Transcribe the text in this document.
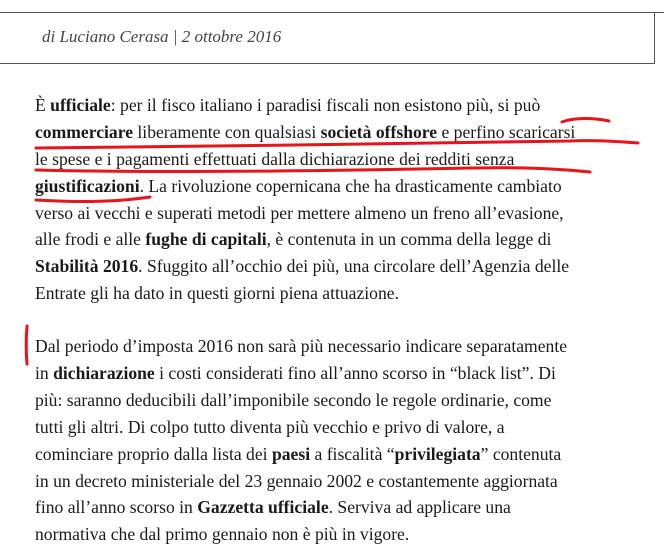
di Luciano Cerasa | 2 ottobre 2016
È ufficiale: per il fisco italiano i paradisi fiscali non esistono più, si può
commerciare liberamente con qualsiasi società offshore e perfino scaricarsi
le spese e i pagamenti effettuati dalla dichiarazione dei redditi senza
giustificazioni. La rivoluzione copernicana che ha drasticamente cambiato
verso ai vecchi e superati metodi per mettere almeno un freno all’evasione,
alle frodi e alle fughe di capitali, è contenuta in un comma della legge di
Stabilità 2016. Sfuggito all’occhio dei più, una circolare dell’Agenzia delle
Entrate gli ha dato in questi giorni piena attuazione.
Dal periodo d’imposta 2016 non sarà più necessario indicare separatamente
in dichiarazione i costi considerati fino all’anno scorso in “black list”. Di
più: saranno deducibili dall’imponibile secondo le regole ordinarie, come
tutti gli altri. Di colpo tutto diventa più vecchio e privo di valore, a
cominciare proprio dalla lista dei paesi a fiscalità “privilegiata” contenuta
in un decreto ministeriale del 23 gennaio 2002 e costantemente aggiornata
fino all’anno scorso in Gazzetta ufficiale. Serviva ad applicare una
normativa che dal primo gennaio non è più in vigore.
